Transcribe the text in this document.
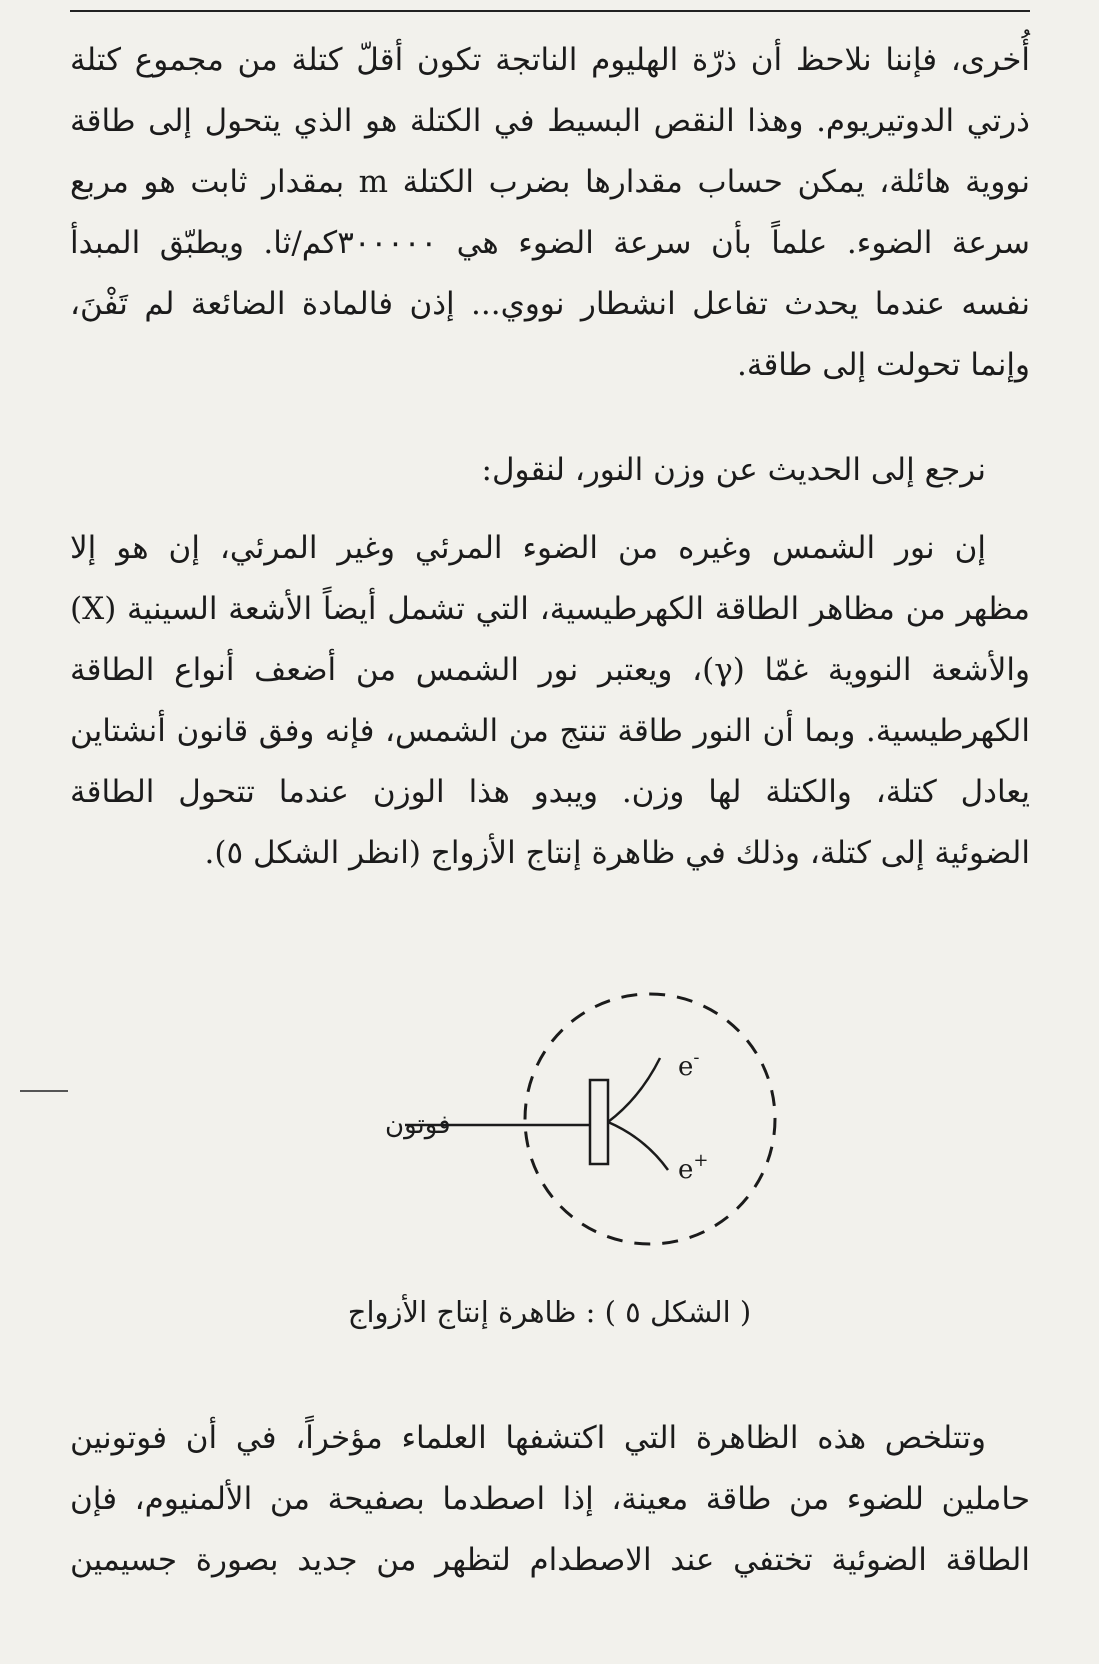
أُخرى، فإننا نلاحظ أن ذرّة الهليوم الناتجة تكون أقلّ كتلة من مجموع كتلة
ذرتي الدوتيريوم. وهذا النقص البسيط في الكتلة هو الذي يتحول إلى طاقة
نووية هائلة، يمكن حساب مقدارها بضرب الكتلة m بمقدار ثابت هو مربع
سرعة الضوء. علماً بأن سرعة الضوء هي ٣٠٠٠٠٠كم/ثا. ويطبّق المبدأ
نفسه عندما يحدث تفاعل انشطار نووي... إذن فالمادة الضائعة لم تَفْنَ،
وإنما تحولت إلى طاقة.
نرجع إلى الحديث عن وزن النور، لنقول:
إن نور الشمس وغيره من الضوء المرئي وغير المرئي، إن هو إلا
مظهر من مظاهر الطاقة الكهرطيسية، التي تشمل أيضاً الأشعة السينية (X)
والأشعة النووية غمّا (γ)، ويعتبر نور الشمس من أضعف أنواع الطاقة
الكهرطيسية. وبما أن النور طاقة تنتج من الشمس، فإنه وفق قانون أنشتاين
يعادل كتلة، والكتلة لها وزن. ويبدو هذا الوزن عندما تتحول الطاقة
الضوئية إلى كتلة، وذلك في ظاهرة إنتاج الأزواج (انظر الشكل ٥).
فوتون
e-
e+
( الشكل ٥ ) : ظاهرة إنتاج الأزواج
وتتلخص هذه الظاهرة التي اكتشفها العلماء مؤخراً، في أن فوتونين
حاملين للضوء من طاقة معينة، إذا اصطدما بصفيحة من الألمنيوم، فإن
الطاقة الضوئية تختفي عند الاصطدام لتظهر من جديد بصورة جسيمين
